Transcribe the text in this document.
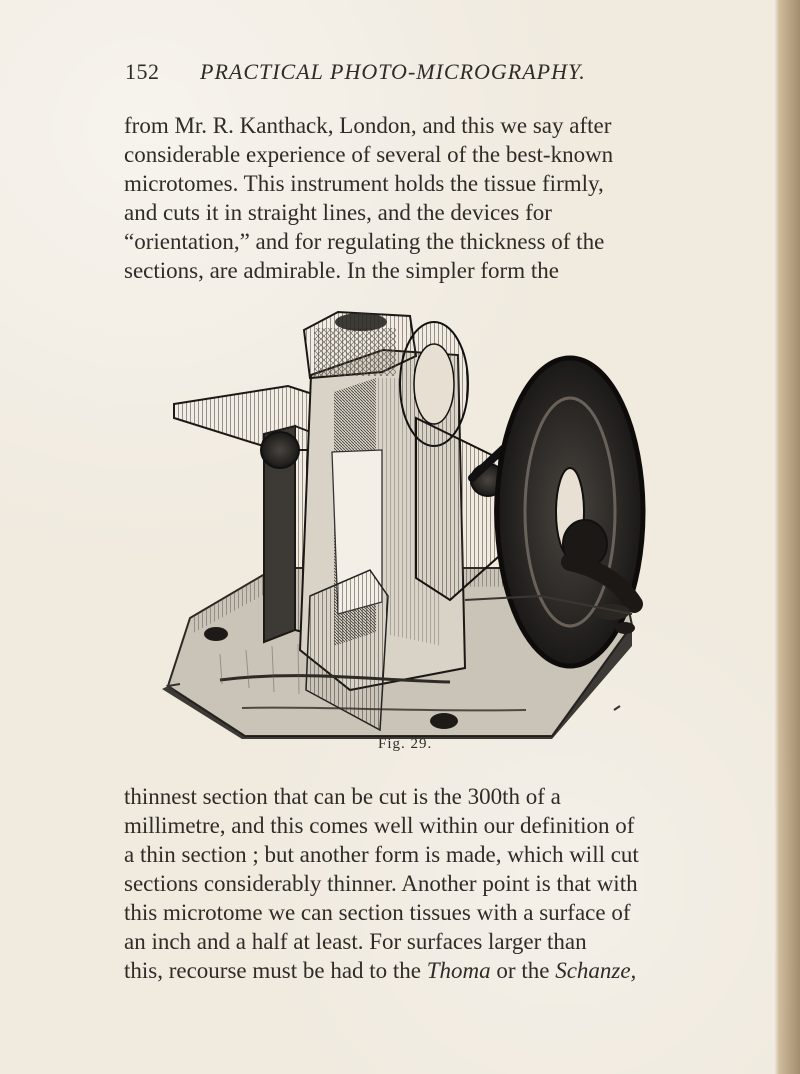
152 PRACTICAL PHOTO-MICROGRAPHY.
from Mr. R. Kanthack, London, and this we say after
considerable experience of several of the best-known
microtomes. This instrument holds the tissue firmly,
and cuts it in straight lines, and the devices for
“orientation,” and for regulating the thickness of the
sections, are admirable. In the simpler form the
Fig. 29.
thinnest section that can be cut is the 300th of a
millimetre, and this comes well within our definition of
a thin section ; but another form is made, which will cut
sections considerably thinner. Another point is that with
this microtome we can section tissues with a surface of
an inch and a half at least. For surfaces larger than
this, recourse must be had to the Thoma or the Schanze,
